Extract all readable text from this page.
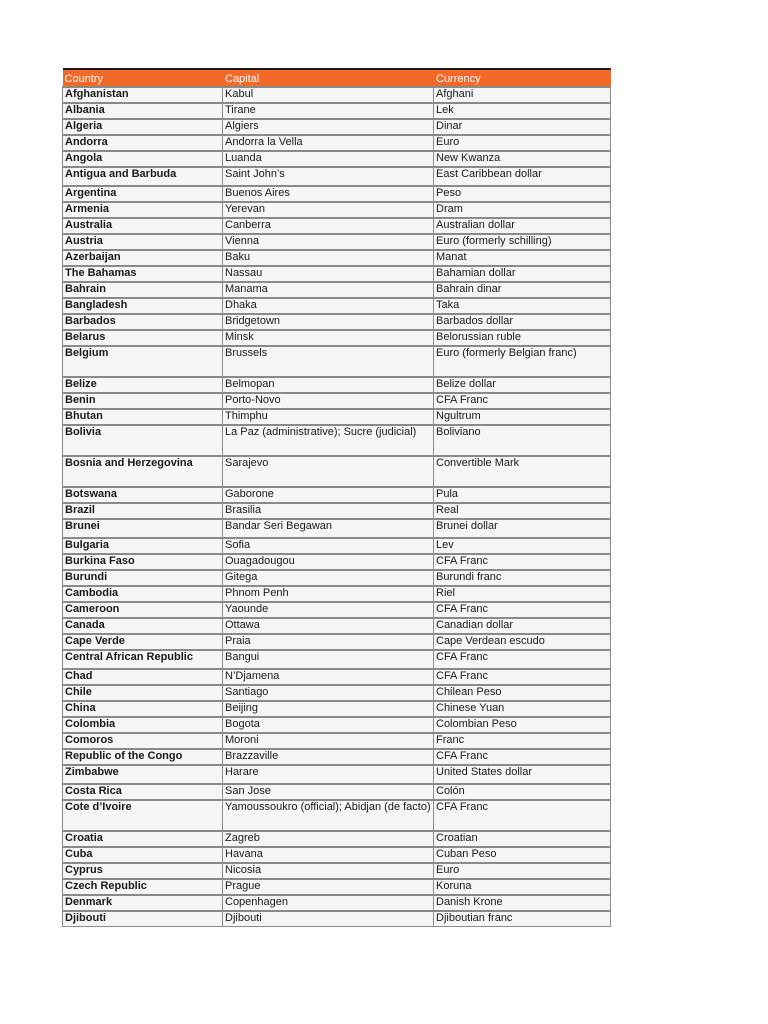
Country	Capital	Currency
Afghanistan	Kabul	Afghani
Albania	Tirane	Lek
Algeria	Algiers	Dinar
Andorra	Andorra la Vella	Euro
Angola	Luanda	New Kwanza
Antigua and Barbuda	Saint John’s	East Caribbean dollar
Argentina	Buenos Aires	Peso
Armenia	Yerevan	Dram
Australia	Canberra	Australian dollar
Austria	Vienna	Euro (formerly schilling)
Azerbaijan	Baku	Manat
The Bahamas	Nassau	Bahamian dollar
Bahrain	Manama	Bahrain dinar
Bangladesh	Dhaka	Taka
Barbados	Bridgetown	Barbados dollar
Belarus	Minsk	Belorussian ruble
Belgium	Brussels	Euro (formerly Belgian franc)
Belize	Belmopan	Belize dollar
Benin	Porto-Novo	CFA Franc
Bhutan	Thimphu	Ngultrum
Bolivia	La Paz (administrative); Sucre (judicial)	Boliviano
Bosnia and Herzegovina	Sarajevo	Convertible Mark
Botswana	Gaborone	Pula
Brazil	Brasilia	Real
Brunei	Bandar Seri Begawan	Brunei dollar
Bulgaria	Sofia	Lev
Burkina Faso	Ouagadougou	CFA Franc
Burundi	Gitega	Burundi franc
Cambodia	Phnom Penh	Riel
Cameroon	Yaounde	CFA Franc
Canada	Ottawa	Canadian dollar
Cape Verde	Praia	Cape Verdean escudo
Central African Republic	Bangui	CFA Franc
Chad	N’Djamena	CFA Franc
Chile	Santiago	Chilean Peso
China	Beijing	Chinese Yuan
Colombia	Bogota	Colombian Peso
Comoros	Moroni	Franc
Republic of the Congo	Brazzaville	CFA Franc
Zimbabwe	Harare	United States dollar
Costa Rica	San Jose	Colón
Cote d’Ivoire	Yamoussoukro (official); Abidjan (de facto)	CFA Franc
Croatia	Zagreb	Croatian
Cuba	Havana	Cuban Peso
Cyprus	Nicosia	Euro
Czech Republic	Prague	Koruna
Denmark	Copenhagen	Danish Krone
Djibouti	Djibouti	Djiboutian franc
